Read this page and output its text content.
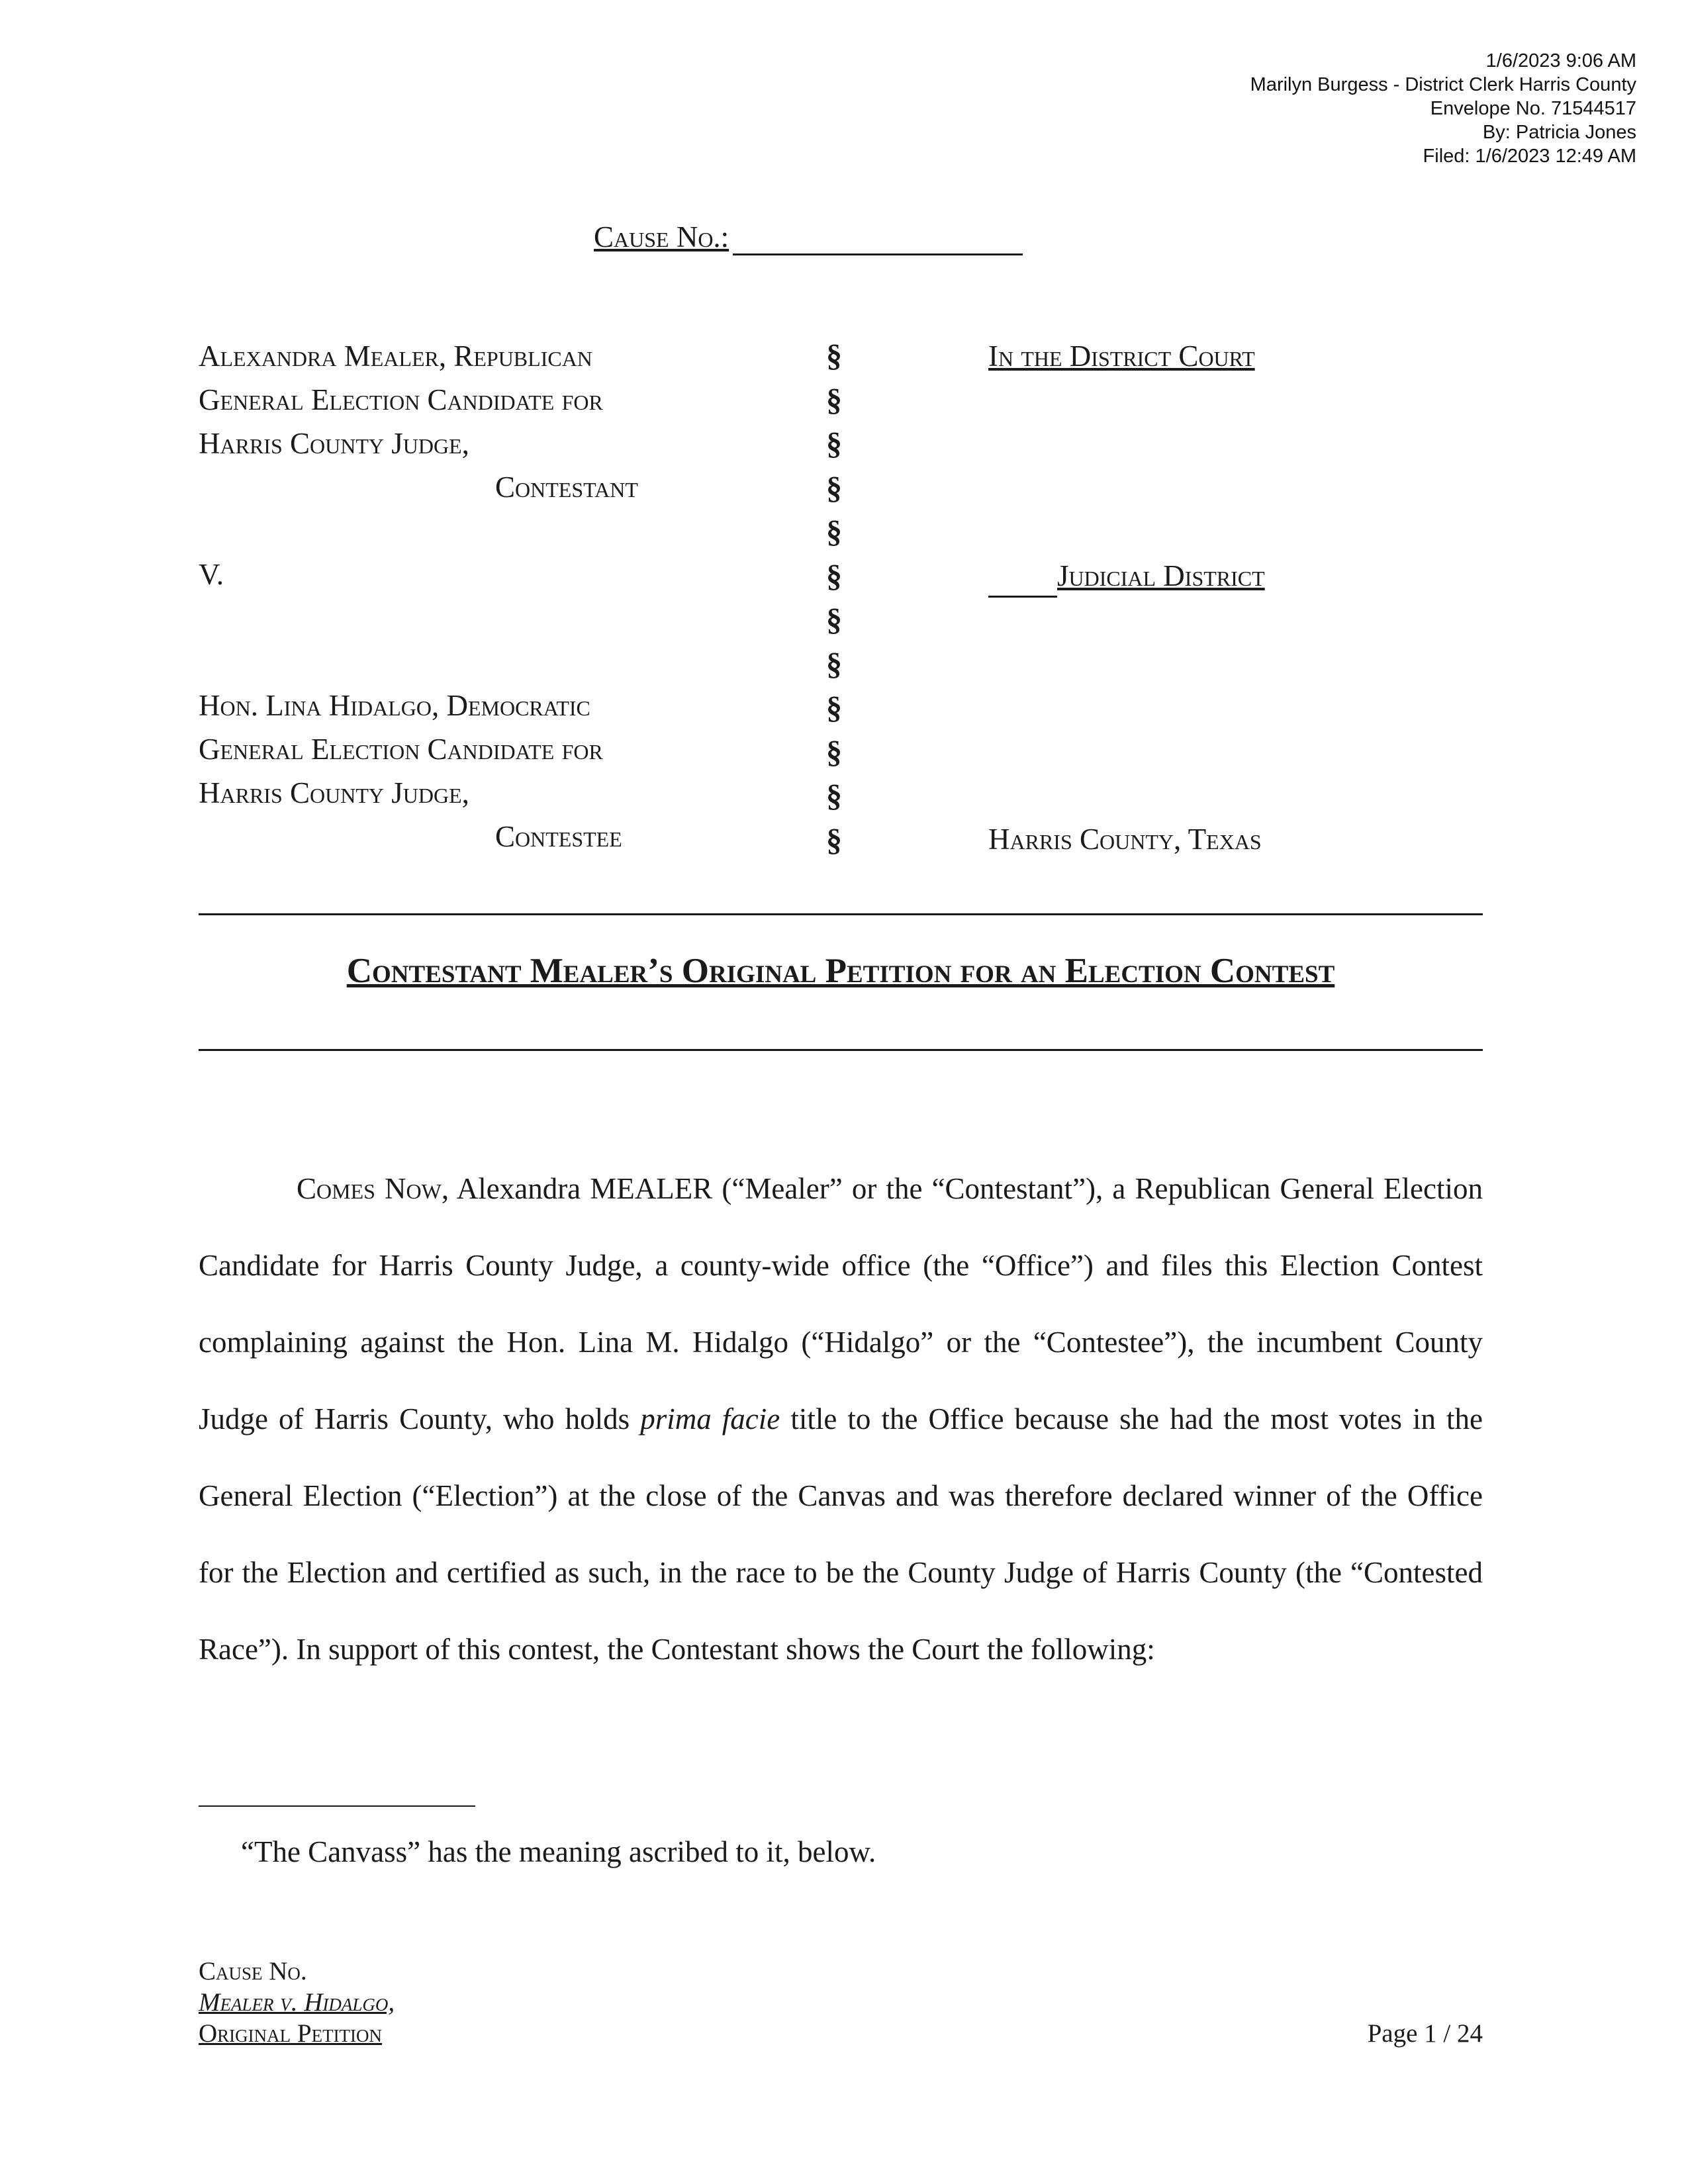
1/6/2023 9:06 AM
Marilyn Burgess - District Clerk Harris County
Envelope No. 71544517
By: Patricia Jones
Filed: 1/6/2023 12:49 AM
Cause No.:
Alexandra Mealer, Republican
General Election Candidate for
Harris County Judge,
Contestant
V.
Hon. Lina Hidalgo, Democratic
General Election Candidate for
Harris County Judge,
Contestee
§
§
§
§
§
§
§
§
§
§
§
§
In the District Court
Judicial District
Harris County, Texas
Contestant Mealer’s Original Petition for an Election Contest
Comes Now, Alexandra MEALER (“Mealer” or the “Contestant”), a Republican General Election Candidate for Harris County Judge, a county-wide office (the “Office”) and files this Election Contest complaining against the Hon. Lina M. Hidalgo (“Hidalgo” or the “Contestee”), the incumbent County Judge of Harris County, who holds prima facie title to the Office because she had the most votes in the General Election (“Election”) at the close of the Canvas and was therefore declared winner of the Office for the Election and certified as such, in the race to be the County Judge of Harris County (the “Contested Race”). In support of this contest, the Contestant shows the Court the following:
“The Canvass” has the meaning ascribed to it, below.
Cause No.
Mealer v. Hidalgo,
Original Petition	Page 1 / 24
